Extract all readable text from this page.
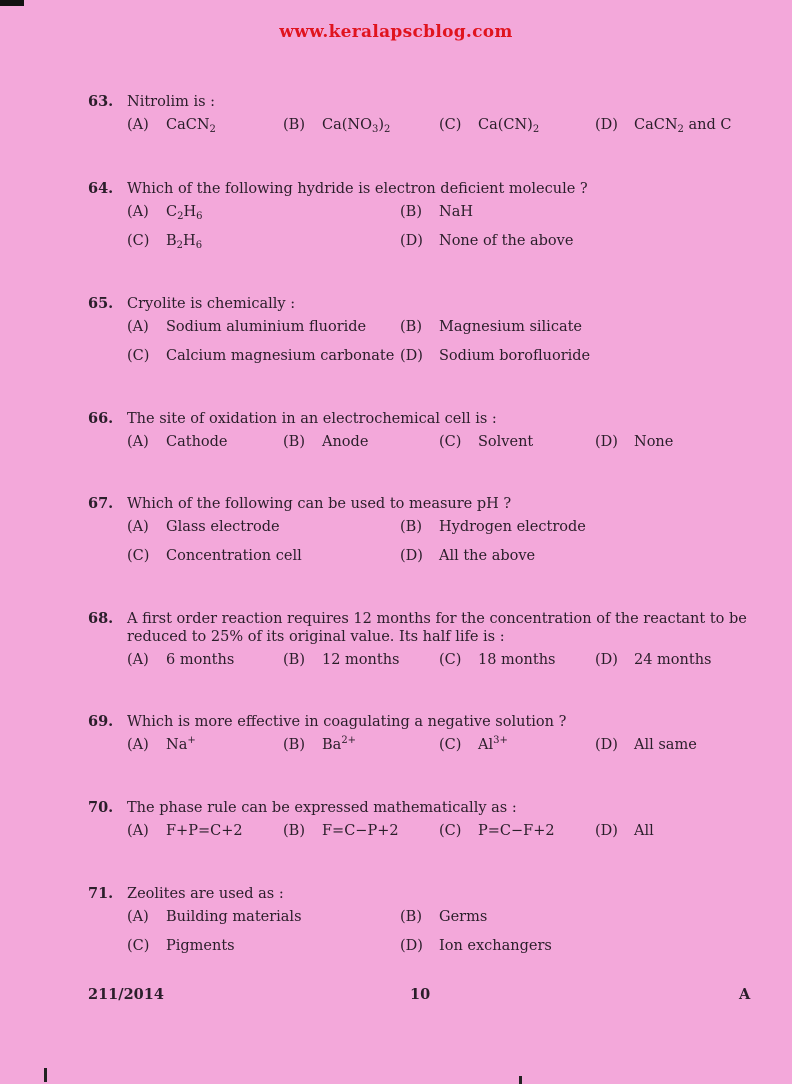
www.keralapscblog.com
63. Nitrolim is :
(A)	CaCN$_2$	(B)	$Ca(NO_3)_2$	(C)	$Ca(CN)_2$	(D)	CaCN$_2$ and C
64. Which of the following hydride is electron deficient molecule ?
(A)	$C_2H_6$	(B)	NaH
(C)	$B_2H_6$	(D)	None of the above
65. Cryolite is chemically :
(A)	Sodium aluminium fluoride (B)	Magnesium silicate
(C)	Calcium magnesium carbonate (D)	Sodium borofluoride
66. The site of oxidation in an electrochemical cell is :
(A)	Cathode	(B)	Anode	(C)	Solvent	(D)	None
67. Which of the following can be used to measure pH ?
(A)	Glass electrode	(B)	Hydrogen electrode
(C)	Concentration cell	(D)	All the above
68. A first order reaction requires 12 months for the concentration of the reactant to be reduced to 25% of its original value. Its half life is :
(A)	6 months	(B)	12 months	(C)	18 months	(D)	24 months
69. Which is more effective in coagulating a negative solution ?
(A)	Na+	(B)	$Ba^{2+}$	(C)	$Al^{3+}$	(D)	All same
70. The phase rule can be expressed mathematically as :
(A)	F+P=C+2	(B)	F=C−P+2	(C)	P=C−F+2	(D)	All
71. Zeolites are used as :
(A)	Building materials	(B)	Germs
(C)	Pigments	(D)	Ion exchangers
211/2014	10	A
